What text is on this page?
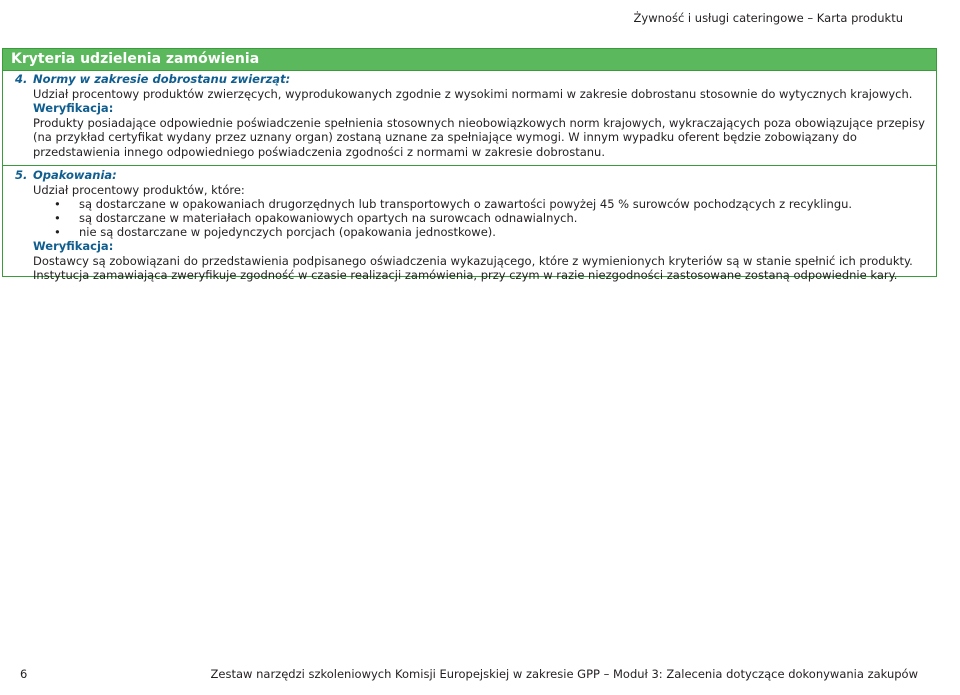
Żywność i usługi cateringowe – Karta produktu
Kryteria udzielenia zamówienia
4. Normy w zakresie dobrostanu zwierząt:
Udział procentowy produktów zwierzęcych, wyprodukowanych zgodnie z wysokimi normami w zakresie dobrostanu stosownie do wytycznych krajowych.
Weryfikacja:
Produkty posiadające odpowiednie poświadczenie spełnienia stosownych nieobowiązkowych norm krajowych, wykraczających poza obowiązujące przepisy (na przykład certyfikat wydany przez uznany organ) zostaną uznane za spełniające wymogi. W innym wypadku oferent będzie zobowiązany do przedstawienia innego odpowiedniego poświadczenia zgodności z normami w zakresie dobrostanu.
5. Opakowania:
Udział procentowy produktów, które:
• są dostarczane w opakowaniach drugorzędnych lub transportowych o zawartości powyżej 45 % surowców pochodzących z recyklingu.
• są dostarczane w materiałach opakowaniowych opartych na surowcach odnawialnych.
• nie są dostarczane w pojedynczych porcjach (opakowania jednostkowe).
Weryfikacja:
Dostawcy są zobowiązani do przedstawienia podpisanego oświadczenia wykazującego, które z wymienionych kryteriów są w stanie spełnić ich produkty. Instytucja zamawiająca zweryfikuje zgodność w czasie realizacji zamówienia, przy czym w razie niezgodności zastosowane zostaną odpowiednie kary.
6	Zestaw narzędzi szkoleniowych Komisji Europejskiej w zakresie GPP – Moduł 3: Zalecenia dotyczące dokonywania zakupów
